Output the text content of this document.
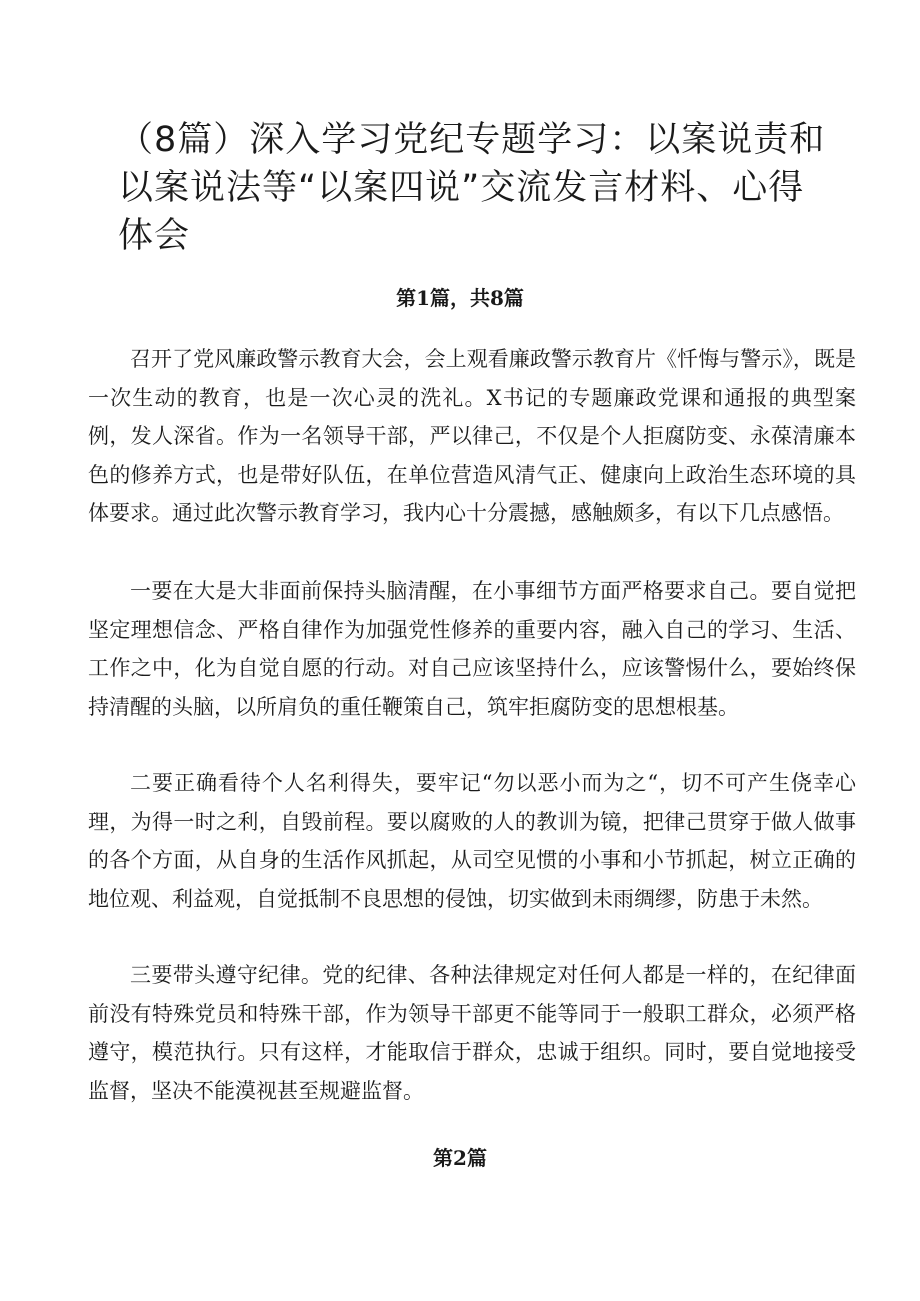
（8篇）深入学习党纪专题学习：以案说责和以案说法等“以案四说”交流发言材料、心得体会
第1篇，共8篇

召开了党风廉政警示教育大会，会上观看廉政警示教育片《忏悔与警示》，既是一次生动的教育，也是一次心灵的洗礼。X书记的专题廉政党课和通报的典型案例，发人深省。作为一名领导干部，严以律己，不仅是个人拒腐防变、永葆清廉本色的修养方式，也是带好队伍，在单位营造风清气正、健康向上政治生态环境的具体要求。通过此次警示教育学习，我内心十分震撼，感触颇多，有以下几点感悟。

一要在大是大非面前保持头脑清醒，在小事细节方面严格要求自己。要自觉把坚定理想信念、严格自律作为加强党性修养的重要内容，融入自己的学习、生活、工作之中，化为自觉自愿的行动。对自己应该坚持什么，应该警惕什么，要始终保持清醒的头脑，以所肩负的重任鞭策自己，筑牢拒腐防变的思想根基。

二要正确看待个人名利得失，要牢记“勿以恶小而为之“，切不可产生侥幸心理，为得一时之利，自毁前程。要以腐败的人的教训为镜，把律己贯穿于做人做事的各个方面，从自身的生活作风抓起，从司空见惯的小事和小节抓起，树立正确的地位观、利益观，自觉抵制不良思想的侵蚀，切实做到未雨绸缪，防患于未然。

三要带头遵守纪律。党的纪律、各种法律规定对任何人都是一样的，在纪律面前没有特殊党员和特殊干部，作为领导干部更不能等同于一般职工群众，必须严格遵守，模范执行。只有这样，才能取信于群众，忠诚于组织。同时，要自觉地接受监督，坚决不能漠视甚至规避监督。

第2篇
